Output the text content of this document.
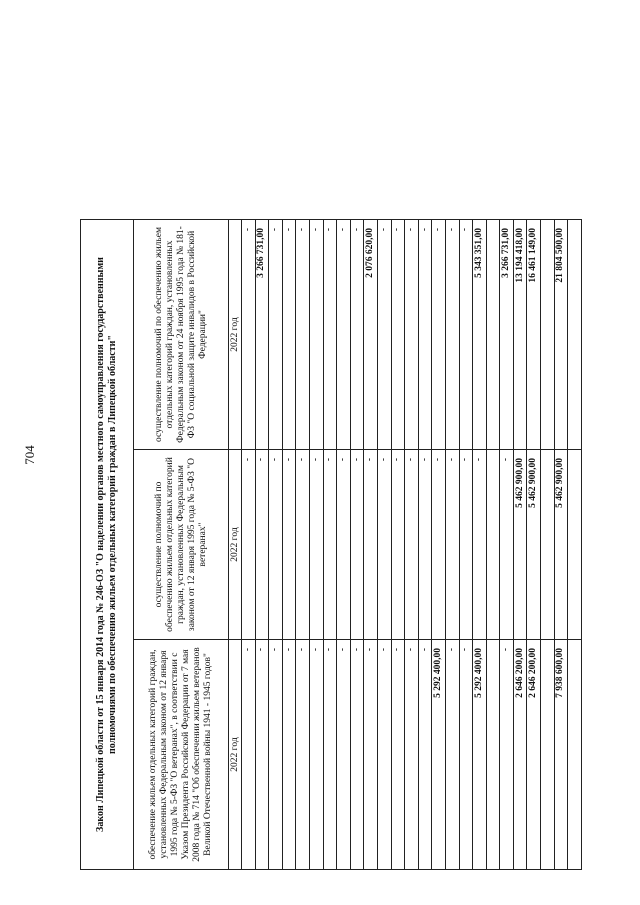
704	Закон Липецкой области от 15 января 2014 года № 246-ОЗ "О наделении органов местного самоуправления государственными полномочиями по обеспечению жильем отдельных категорий граждан в Липецкой области"		
обеспечение жильем отдельных категорий граждан, установленных Федеральным законом от 12 января 1995 года № 5-ФЗ "О ветеранах", в соответствии с Указом Президента Российской Федерации от 7 мая 2008 года № 714 "Об обеспечении жильем ветеранов Великой Отечественной войны 1941 - 1945 годов"	осуществление полномочий по обеспечению жильем отдельных категорий граждан, установленных Федеральным законом от 12 января 1995 года № 5-ФЗ "О ветеранах"	осуществление полномочий по обеспечению жильем отдельных категорий граждан, установленных Федеральным законом от 24 ноября 1995 года № 181-ФЗ "О социальной защите инвалидов в Российской Федерации"
2022 год	2022 год	2022 год
-	-	-
-	-	3 266 731,00
-	-	-
-	-	-
-	-	-
-	-	-
-	-	-
-	-	-
-	-	-
-	-	2 076 620,00
-	-	-
-	-	-
-	-	-
-	-	-
5 292 400,00	-	-
-	-	-
-	-	-
5 292 400,00	-	5 343 351,00

-	-	3 266 731,00
2 646 200,00	5 462 900,00	13 194 418,00
2 646 200,00	5 462 900,00	16 461 149,00

7 938 600,00	5 462 900,00	21 804 500,00
